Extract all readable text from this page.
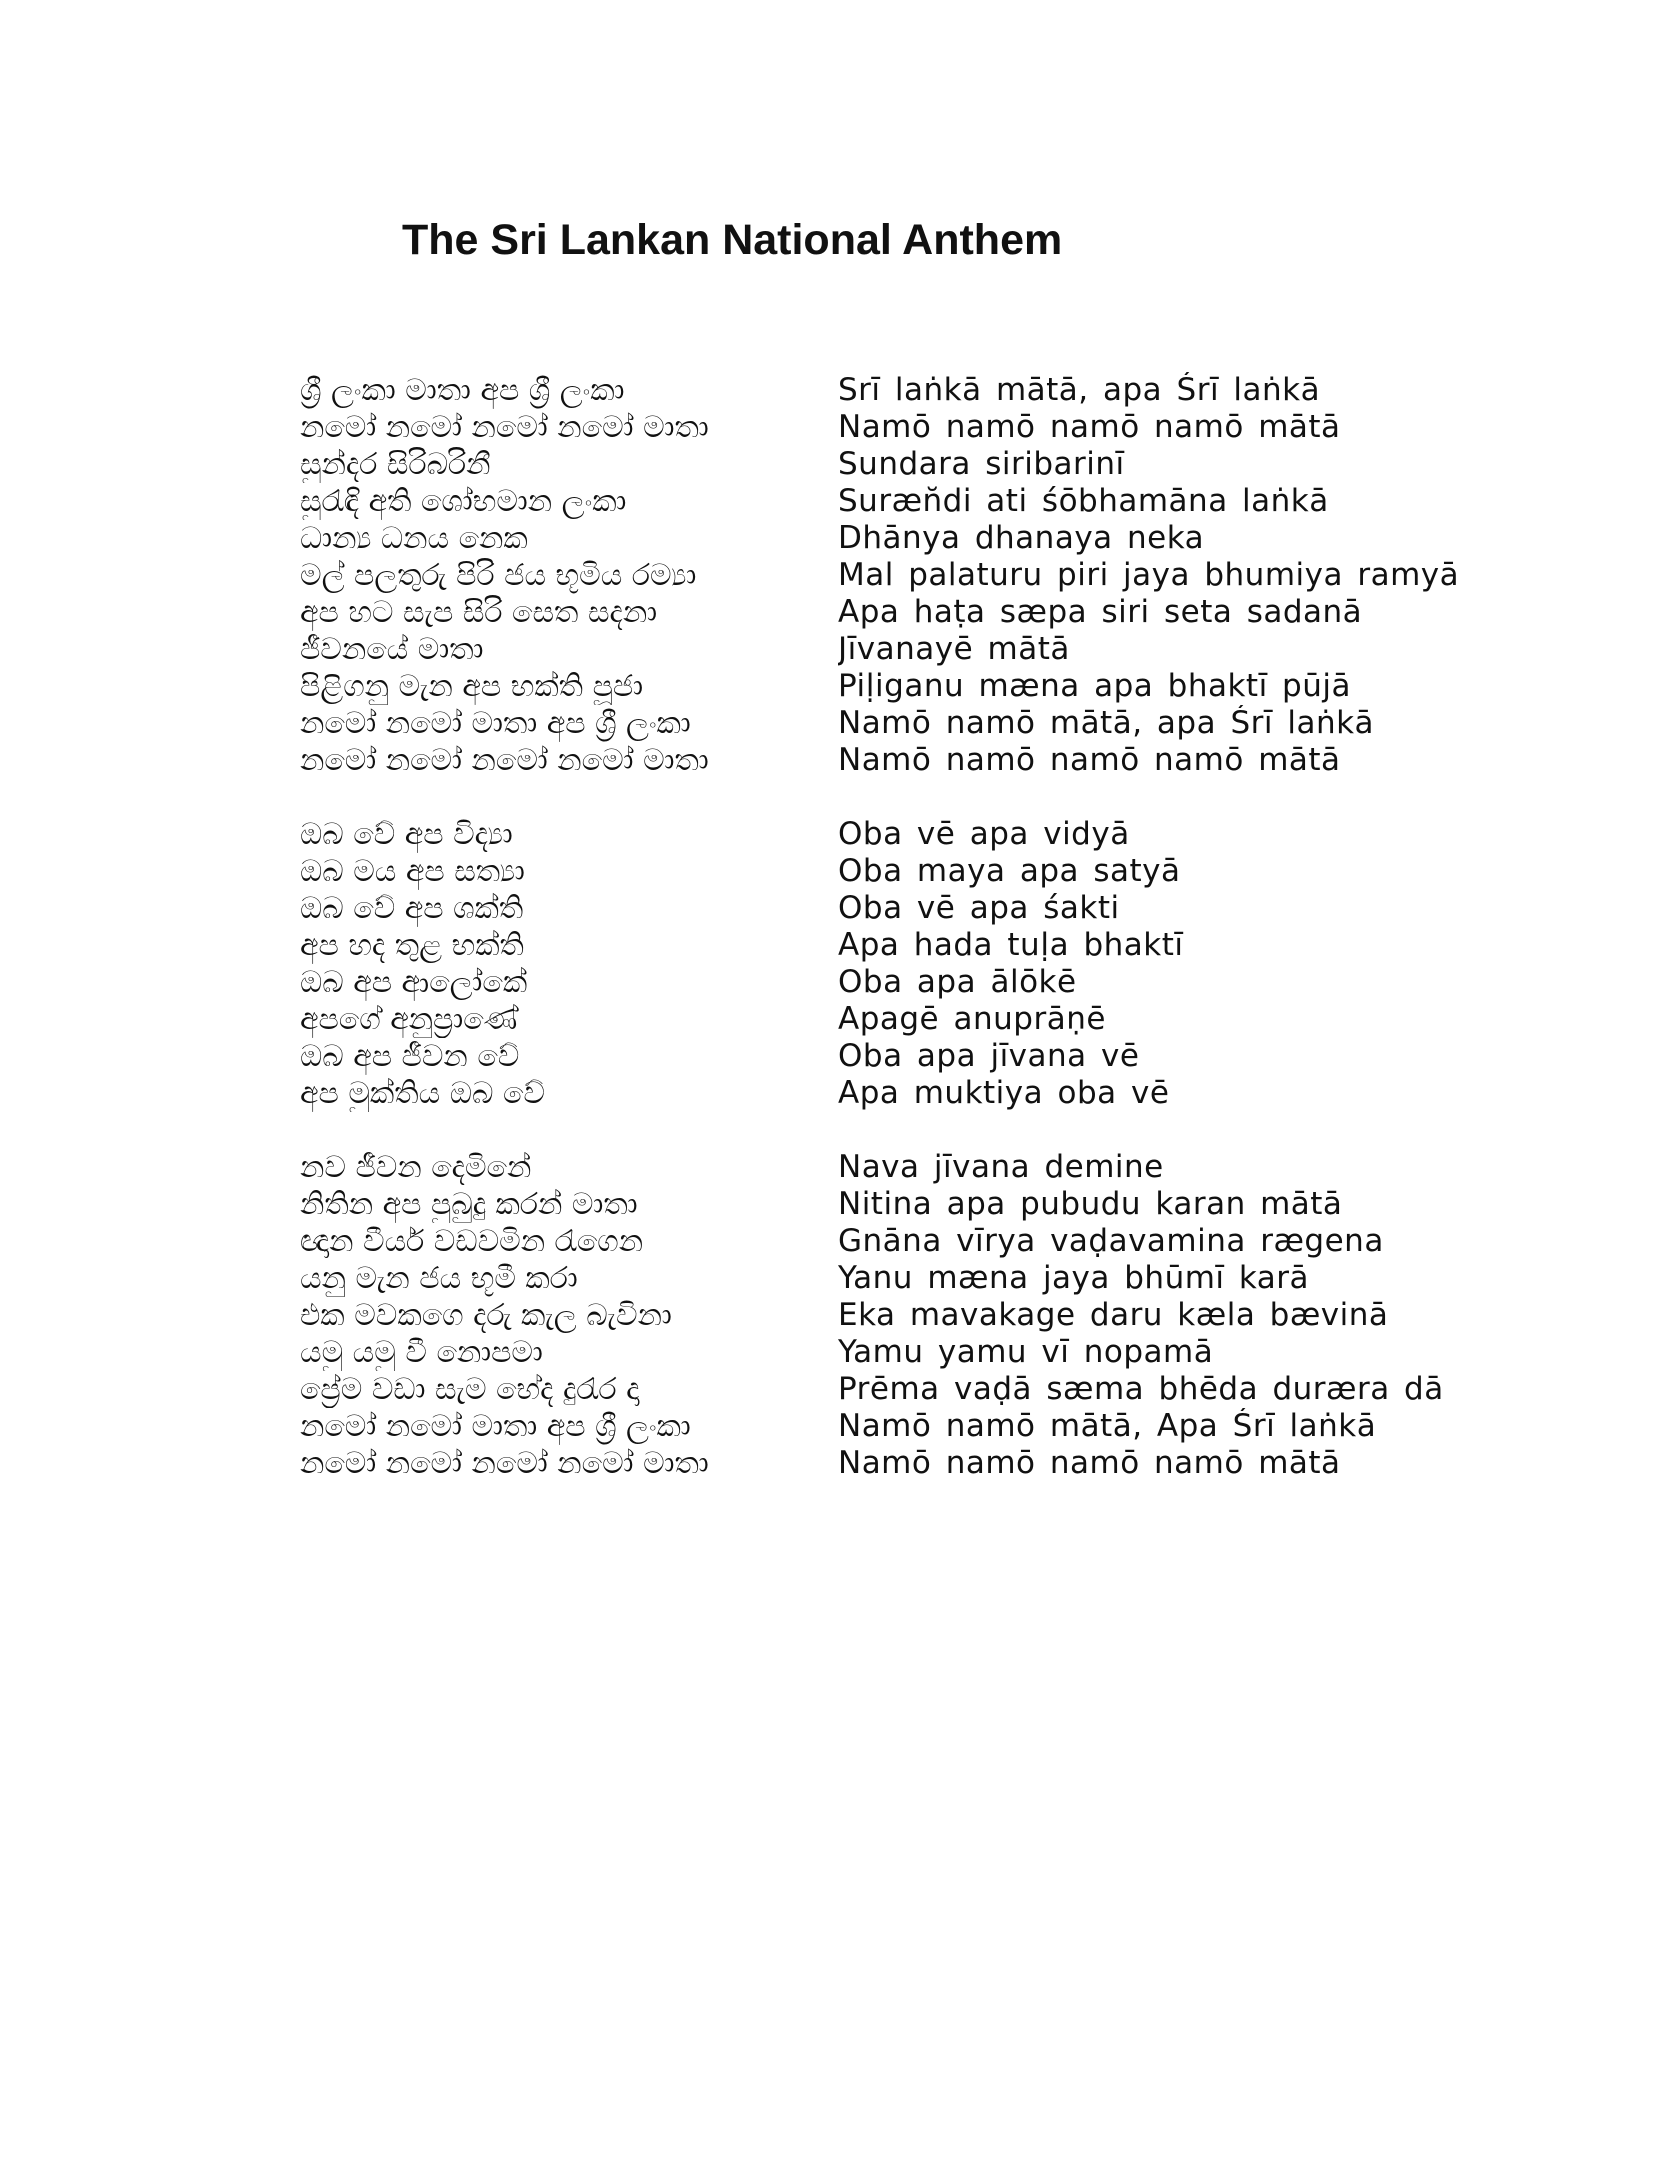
The Sri Lankan National Anthem
ශ්‍රී ලංකා මාතා අප ශ්‍රී ලංකා
නමෝ නමෝ නමෝ නමෝ මාතා
සුන්දර සිරිබරිනී
සුරැඳි අති ශෝභමාන ලංකා
ධාන්‍ය ධනය නෙක
මල් පලතුරු පිරි ජය භූමිය රම්‍යා
අප හට සැප සිරි සෙත සදනා
ජීවනයේ මාතා
පිළිගනු මැන අප භක්ති පූජා
නමෝ නමෝ මාතා අප ශ්‍රී ලංකා
නමෝ නමෝ නමෝ නමෝ මාතා
ඔබ වේ අප විද්‍යා
ඔබ මය අප සත්‍යා
ඔබ වේ අප ශක්ති
අප හද තුළ භක්ති
ඔබ අප ආලෝකේ
අපගේ අනුප්‍රාණේ
ඔබ අප ජීවන වේ
අප මුක්තිය ඔබ වේ
නව ජීවන දෙමිනේ
නිතින අප පුබුදු කරන් මාතා
ඥාන වීර්ය වඩවමින රැගෙන
යනු මැන ජය භූමී කරා
එක මවකගෙ දරු කැල බැවිනා
යමු යමු වී නොපමා
ප්‍රේම වඩා සැම භේද දුරැර දා
නමෝ නමෝ මාතා අප ශ්‍රී ලංකා
නමෝ නමෝ නමෝ නමෝ මාතා
Srī laṅkā mātā, apa Śrī laṅkā
Namō namō namō namō mātā
Sundara siribarinī
Suræn̆di ati śōbhamāna laṅkā
Dhānya dhanaya neka
Mal palaturu piri jaya bhumiya ramyā
Apa haṭa sæpa siri seta sadanā
Jīvanayē mātā
Piḷiganu mæna apa bhaktī pūjā
Namō namō mātā, apa Śrī laṅkā
Namō namō namō namō mātā
Oba vē apa vidyā
Oba maya apa satyā
Oba vē apa śakti
Apa hada tuḷa bhaktī
Oba apa ālōkē
Apagē anuprāṇē
Oba apa jīvana vē
Apa muktiya oba vē
Nava jīvana demine
Nitina apa pubudu karan mātā
Gnāna vīrya vaḍavamina rægena
Yanu mæna jaya bhūmī karā
Eka mavakage daru kæla bævinā
Yamu yamu vī nopamā
Prēma vaḍā sæma bhēda duræra dā
Namō namō mātā, Apa Śrī laṅkā
Namō namō namō namō mātā
